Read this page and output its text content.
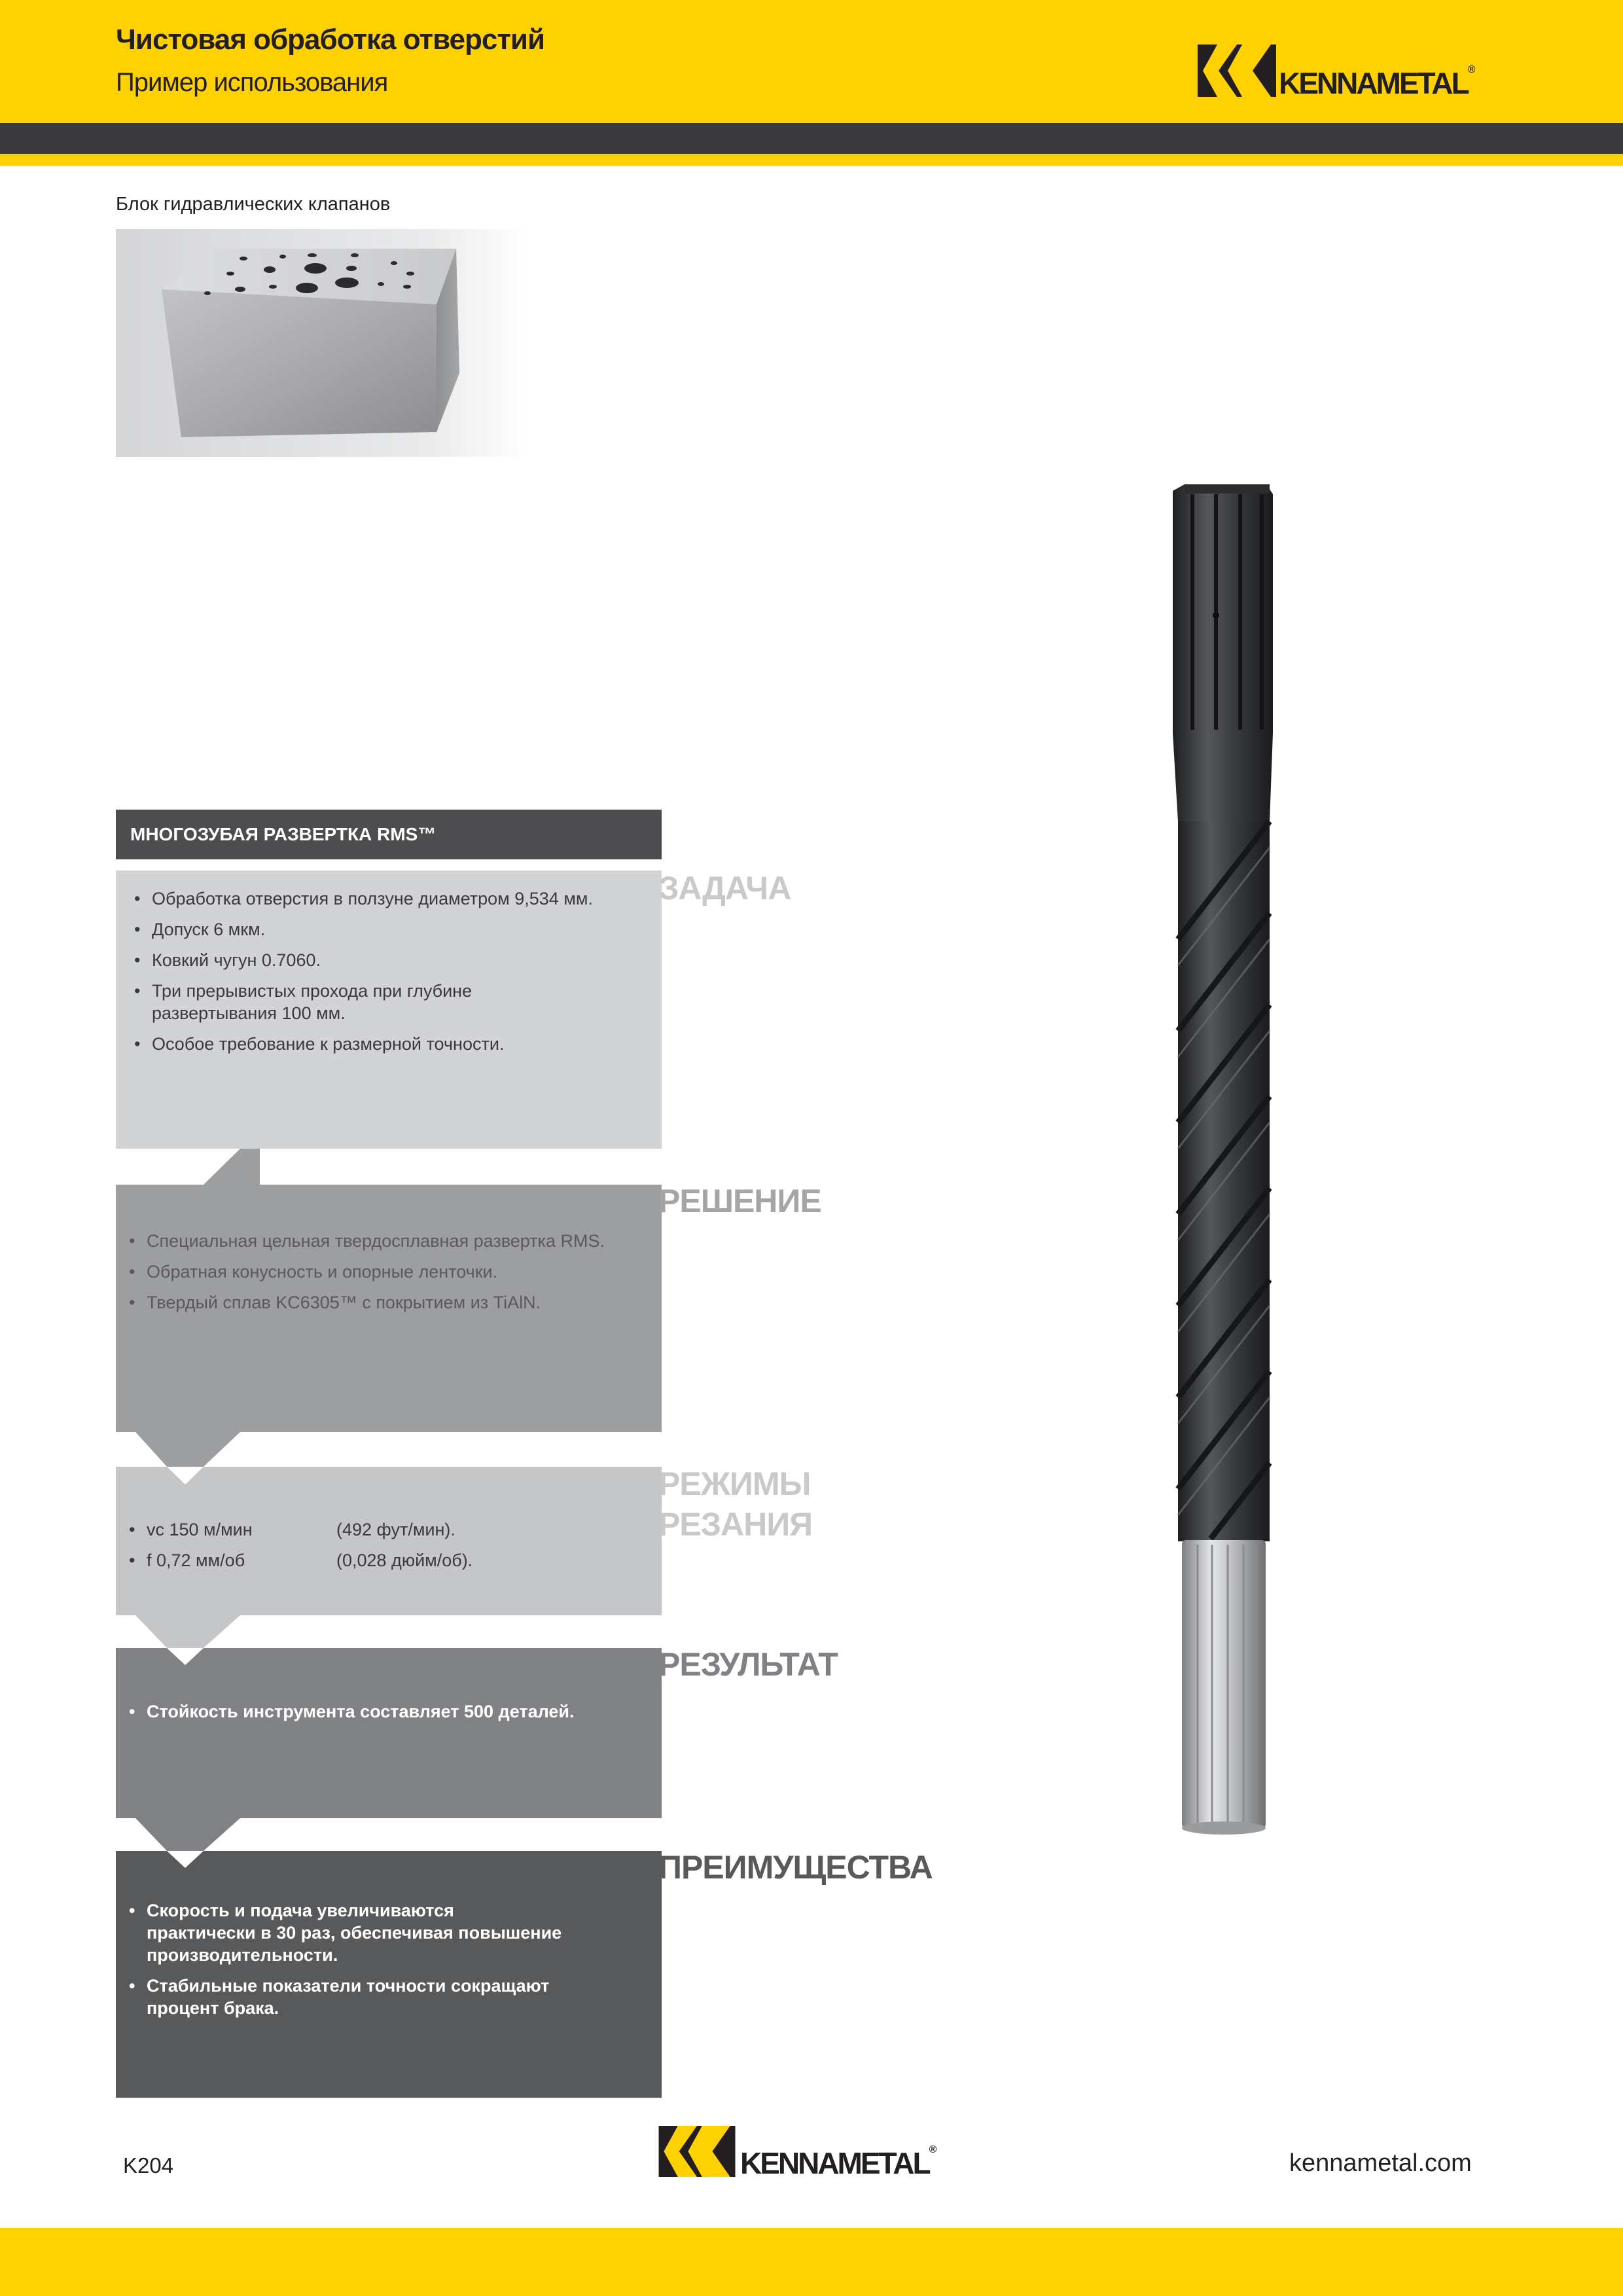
Чистовая обработка отверстий
Пример использования	KENNAMETAL ®
Блок гидравлических клапанов
МНОГОЗУБАЯ РАЗВЕРТКА RMS™
• Обработка отверстия в ползуне диаметром 9,534 мм.
• Допуск 6 мкм.
• Ковкий чугун 0.7060.
• Три прерывистых прохода при глубине развертывания 100 мм.
• Особое требование к размерной точности.
ЗАДАЧА
• Специальная цельная твердосплавная развертка RMS.
• Обратная конусность и опорные ленточки.
• Твердый сплав KC6305™ с покрытием из TiAlN.
РЕШЕНИЕ
• vc 150 м/мин	(492 фут/мин).
• f 0,72 мм/об	(0,028 дюйм/об).
РЕЖИМЫ
РЕЗАНИЯ
• Стойкость инструмента составляет 500 деталей.
РЕЗУЛЬТАТ
• Скорость и подача увеличиваются практически в 30 раз, обеспечивая повышение производительности.
• Стабильные показатели точности сокращают процент брака.
ПРЕИМУЩЕСТВА
K204	KENNAMETAL ®	kennametal.com
